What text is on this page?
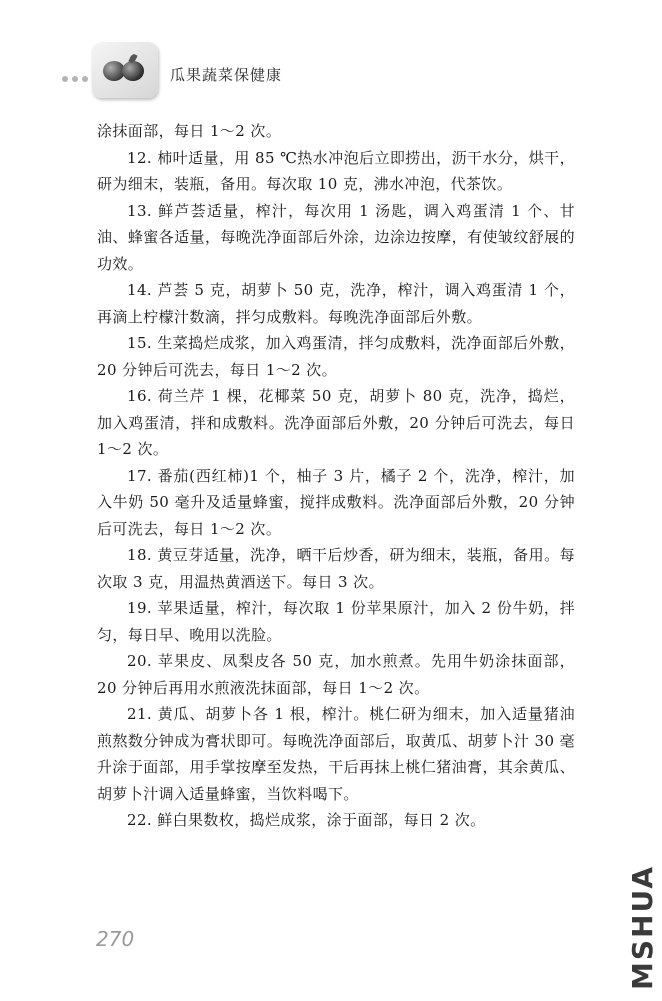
瓜果蔬菜保健康

涂抹面部，每日 1～2 次。

12. 柿叶适量，用 85 ℃热水冲泡后立即捞出，沥干水分，烘干，研为细末，装瓶，备用。每次取 10 克，沸水冲泡，代茶饮。

13. 鲜芦荟适量，榨汁，每次用 1 汤匙，调入鸡蛋清 1 个、甘油、蜂蜜各适量，每晚洗净面部后外涂，边涂边按摩，有使皱纹舒展的功效。

14. 芦荟 5 克，胡萝卜 50 克，洗净，榨汁，调入鸡蛋清 1 个，再滴上柠檬汁数滴，拌匀成敷料。每晚洗净面部后外敷。

15. 生菜捣烂成浆，加入鸡蛋清，拌匀成敷料，洗净面部后外敷，20 分钟后可洗去，每日 1～2 次。

16. 荷兰芹 1 棵，花椰菜 50 克，胡萝卜 80 克，洗净，捣烂，加入鸡蛋清，拌和成敷料。洗净面部后外敷，20 分钟后可洗去，每日 1～2 次。

17. 番茄(西红柿)1 个，柚子 3 片，橘子 2 个，洗净，榨汁，加入牛奶 50 毫升及适量蜂蜜，搅拌成敷料。洗净面部后外敷，20 分钟后可洗去，每日 1～2 次。

18. 黄豆芽适量，洗净，晒干后炒香，研为细末，装瓶，备用。每次取 3 克，用温热黄酒送下。每日 3 次。

19. 苹果适量，榨汁，每次取 1 份苹果原汁，加入 2 份牛奶，拌匀，每日早、晚用以洗脸。

20. 苹果皮、凤梨皮各 50 克，加水煎煮。先用牛奶涂抹面部，20 分钟后再用水煎液洗抹面部，每日 1～2 次。

21. 黄瓜、胡萝卜各 1 根，榨汁。桃仁研为细末，加入适量猪油煎熬数分钟成为膏状即可。每晚洗净面部后，取黄瓜、胡萝卜汁 30 毫升涂于面部，用手掌按摩至发热，干后再抹上桃仁猪油膏，其余黄瓜、胡萝卜汁调入适量蜂蜜，当饮料喝下。

22. 鲜白果数枚，捣烂成浆，涂于面部，每日 2 次。

270	MSHUA
